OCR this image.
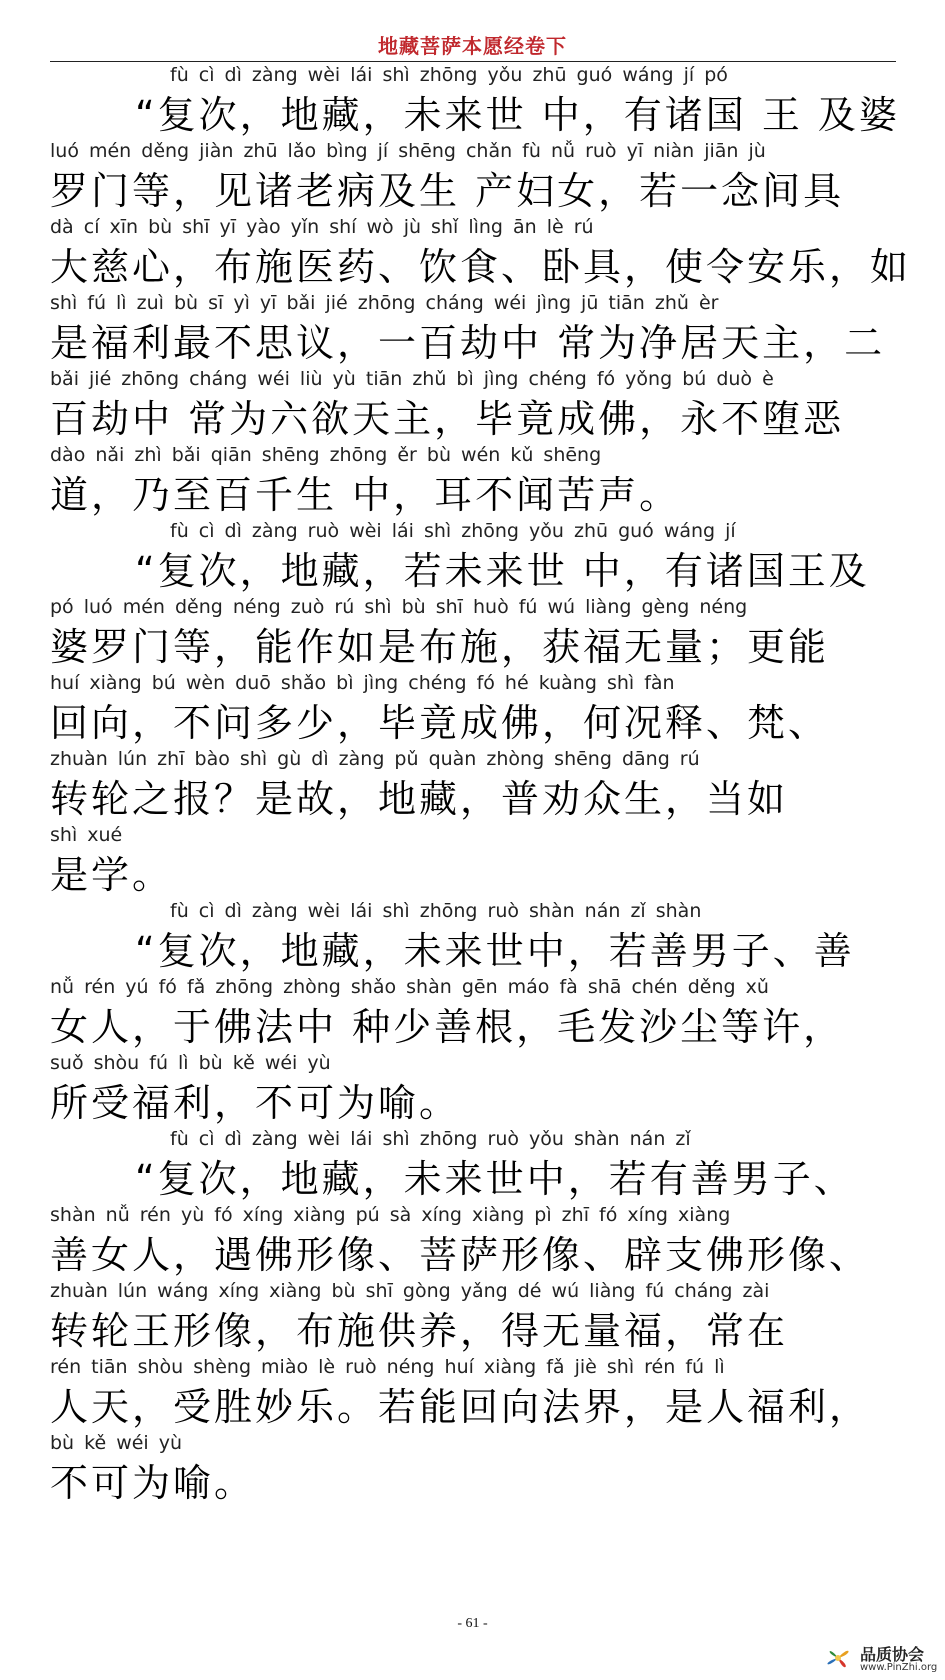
地藏菩萨本愿经卷下
fù cì dì zàng wèi lái shì zhōng yǒu zhū guó wáng jí pó
“复次，地藏，未来世 中，有诸国 王 及婆
luó mén děng jiàn zhū lǎo bìng jí shēng chǎn fù nǚ ruò yī niàn jiān jù
罗门等，见诸老病及生 产妇女，若一念间具
dà cí xīn bù shī yī yào yǐn shí wò jù shǐ lìng ān lè rú
大慈心，布施医药、饮食、卧具，使令安乐，如
shì fú lì zuì bù sī yì yī bǎi jié zhōng cháng wéi jìng jū tiān zhǔ èr
是福利最不思议，一百劫中 常为净居天主，二
bǎi jié zhōng cháng wéi liù yù tiān zhǔ bì jìng chéng fó yǒng bú duò è
百劫中 常为六欲天主，毕竟成佛，永不堕恶
dào nǎi zhì bǎi qiān shēng zhōng ěr bù wén kǔ shēng
道，乃至百千生 中，耳不闻苦声。
fù cì dì zàng ruò wèi lái shì zhōng yǒu zhū guó wáng jí
“复次，地藏，若未来世 中，有诸国王及
pó luó mén děng néng zuò rú shì bù shī huò fú wú liàng gèng néng
婆罗门等，能作如是布施，获福无量；更能
huí xiàng bú wèn duō shǎo bì jìng chéng fó hé kuàng shì fàn
回向，不问多少，毕竟成佛，何况释、梵、
zhuàn lún zhī bào shì gù dì zàng pǔ quàn zhòng shēng dāng rú
转轮之报？是故，地藏，普劝众生，当如
shì xué
是学。
fù cì dì zàng wèi lái shì zhōng ruò shàn nán zǐ shàn
“复次，地藏，未来世中，若善男子、善
nǚ rén yú fó fǎ zhōng zhòng shǎo shàn gēn máo fà shā chén děng xǔ
女人，于佛法中 种少善根，毛发沙尘等许，
suǒ shòu fú lì bù kě wéi yù
所受福利，不可为喻。
fù cì dì zàng wèi lái shì zhōng ruò yǒu shàn nán zǐ
“复次，地藏，未来世中，若有善男子、
shàn nǚ rén yù fó xíng xiàng pú sà xíng xiàng pì zhī fó xíng xiàng
善女人，遇佛形像、菩萨形像、辟支佛形像、
zhuàn lún wáng xíng xiàng bù shī gòng yǎng dé wú liàng fú cháng zài
转轮王形像，布施供养，得无量福，常在
rén tiān shòu shèng miào lè ruò néng huí xiàng fǎ jiè shì rén fú lì
人天，受胜妙乐。若能回向法界，是人福利，
bù kě wéi yù
不可为喻。
- 61 -
品质协会
www.PinZhi.org
